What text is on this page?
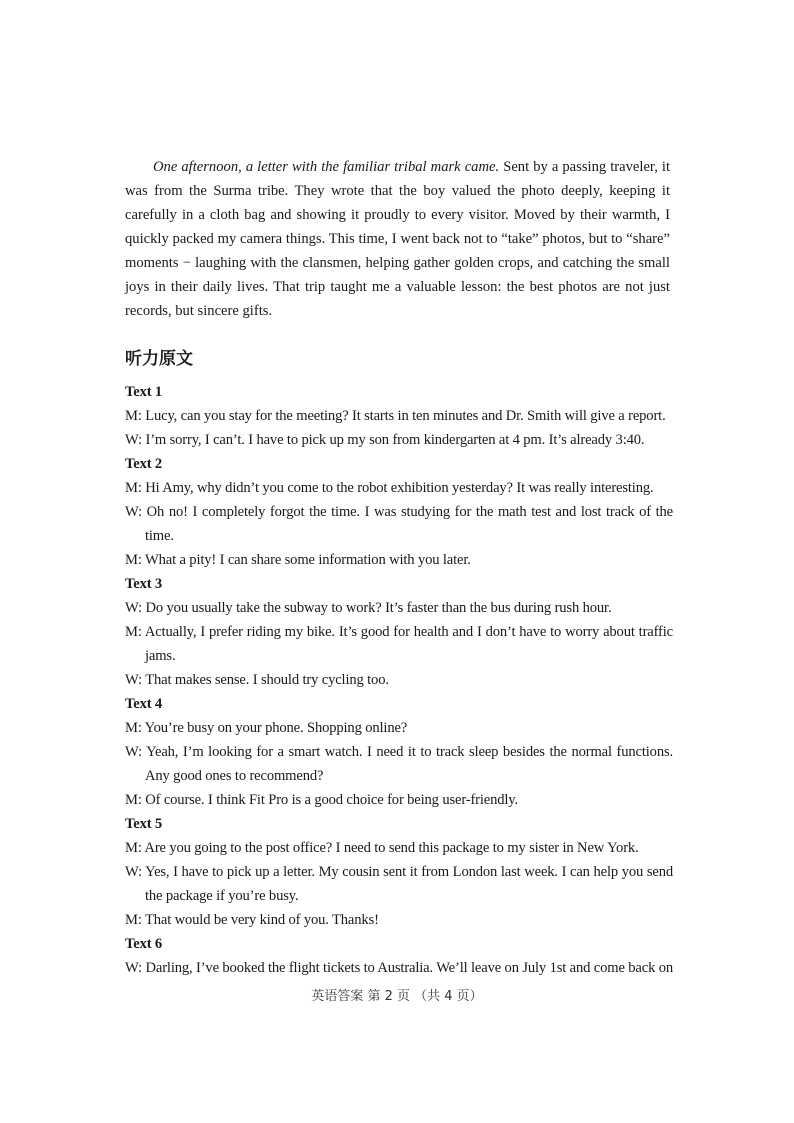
One afternoon, a letter with the familiar tribal mark came. Sent by a passing traveler, it was from the Surma tribe. They wrote that the boy valued the photo deeply, keeping it carefully in a cloth bag and showing it proudly to every visitor. Moved by their warmth, I quickly packed my camera things. This time, I went back not to “take” photos, but to “share” moments − laughing with the clansmen, helping gather golden crops, and catching the small joys in their daily lives. That trip taught me a valuable lesson: the best photos are not just records, but sincere gifts.
听力原文
Text 1
M: Lucy, can you stay for the meeting? It starts in ten minutes and Dr. Smith will give a report.
W: I’m sorry, I can’t. I have to pick up my son from kindergarten at 4 pm. It’s already 3:40.
Text 2
M: Hi Amy, why didn’t you come to the robot exhibition yesterday? It was really interesting.
W: Oh no! I completely forgot the time. I was studying for the math test and lost track of the time.
M: What a pity! I can share some information with you later.
Text 3
W: Do you usually take the subway to work? It’s faster than the bus during rush hour.
M: Actually, I prefer riding my bike. It’s good for health and I don’t have to worry about traffic jams.
W: That makes sense. I should try cycling too.
Text 4
M: You’re busy on your phone. Shopping online?
W: Yeah, I’m looking for a smart watch. I need it to track sleep besides the normal functions. Any good ones to recommend?
M: Of course. I think Fit Pro is a good choice for being user-friendly.
Text 5
M: Are you going to the post office? I need to send this package to my sister in New York.
W: Yes, I have to pick up a letter. My cousin sent it from London last week. I can help you send the package if you’re busy.
M: That would be very kind of you. Thanks!
Text 6
W: Darling, I’ve booked the flight tickets to Australia. We’ll leave on July 1st and come back on
英语答案 第 2 页 （共 4 页）
